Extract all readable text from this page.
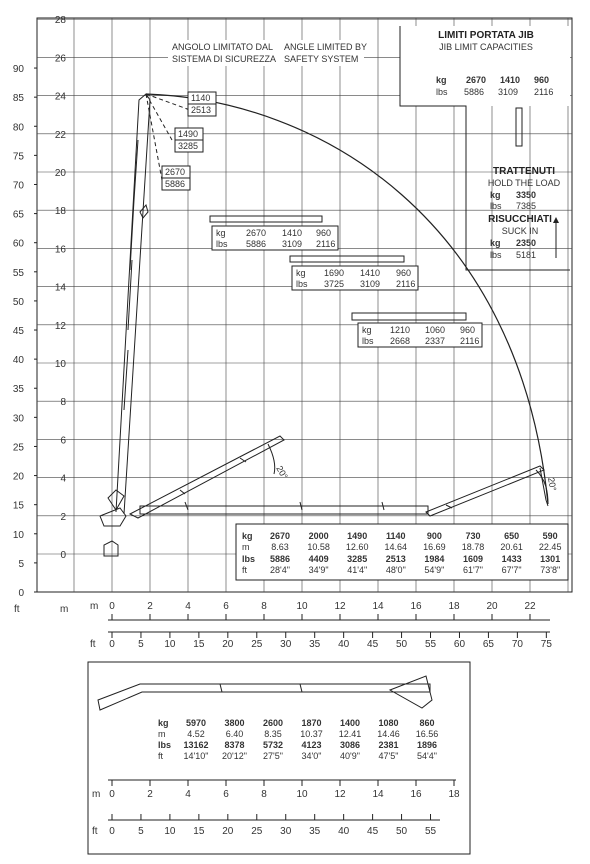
0
2
4
6
8
10
12
14
16
18
20
22
24
26
28
0
5
10
15
20
25
30
35
40
45
50
55
60
65
70
75
80
85
90
ft	m m 0	2	4	6	8	10	12	14	16	18	20	22
ft 0 5 10 15 20 25 30 35 40 45 50 55 60 65 70 75
ANGOLO LIMITATO DAL
SISTEMA DI SICUREZZA
ANGLE LIMITED BY
SAFETY SYSTEM
1140
2513
1490
3285
2670
5886
kg
lbs
2670 1410 960
5886 3109 2116
kg
lbs
1690 1410 960
3725 3109 2116
kg
lbs
1210 1060 960
2668 2337 2116
20°
20°
LIMITI PORTATA JIB
JIB LIMIT CAPACITIES
kg
lbs
2670 1410 960
5886 3109 2116
TRATTENUTI
HOLD THE LOAD
kg 3350
lbs 7385
RISUCCHIATI
SUCK IN
kg 2350
lbs 5181
kg 2670 2000 1490 1140 900	730	650	590
m 8.63 10.58 12.60 14.64 16.69 18.78 20.61 22.45
lbs 5886 4409 3285 2513 1984 1609 1433 1301
ft	28'4" 34'9" 41'4" 48'0" 54'9" 61'7" 67'7" 73'8"
kg 5970 3800 2600 1870 1400 1080 860
m 4.52 6.40 8.35 10.37 12.41 14.46 16.56
lbs 13162 8378 5732 4123 3086 2381 1896
ft 14'10" 20'12" 27'5" 34'0" 40'9" 47'5" 54'4"
m 0	2	4	6	8	10	12	14	16	18
ft 0 5 10 15 20 25 30 35 40 45 50 55
